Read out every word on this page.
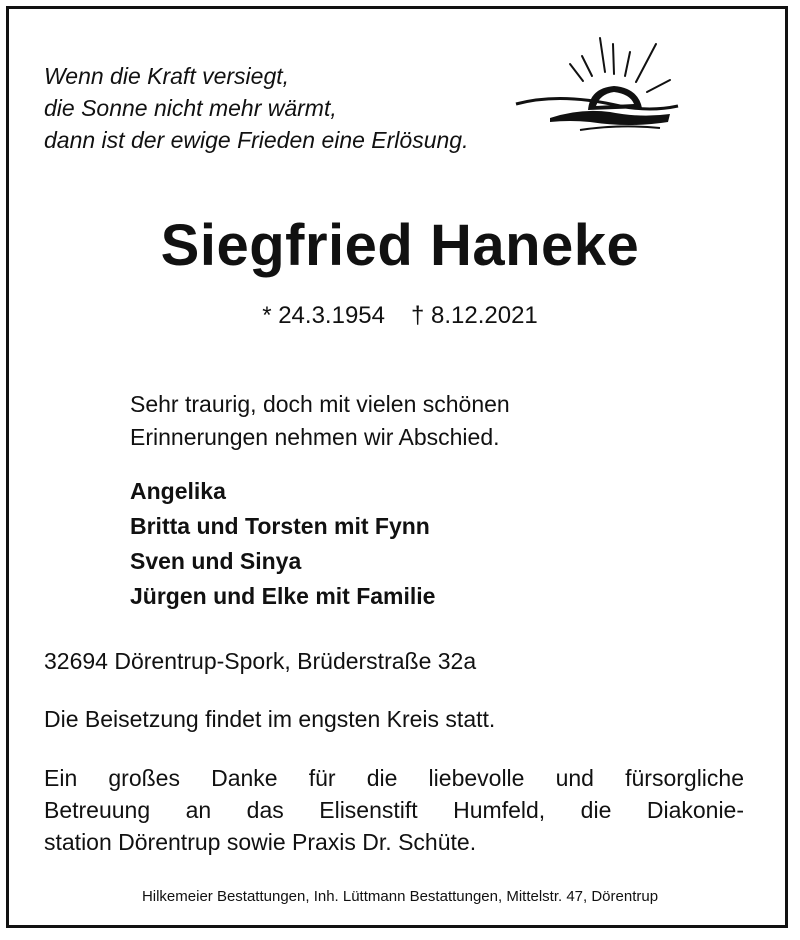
Wenn die Kraft versiegt,
die Sonne nicht mehr wärmt,
dann ist der ewige Frieden eine Erlösung.
Siegfried Haneke
* 24.3.1954 † 8.12.2021
Sehr traurig, doch mit vielen schönen
Erinnerungen nehmen wir Abschied.
Angelika
Britta und Torsten mit Fynn
Sven und Sinya
Jürgen und Elke mit Familie
32694 Dörentrup-Spork, Brüderstraße 32a
Die Beisetzung findet im engsten Kreis statt.
Ein großes Danke für die liebevolle und fürsorgliche
Betreuung an das Elisenstift Humfeld, die Diakonie-
station Dörentrup sowie Praxis Dr. Schüte.
Hilkemeier Bestattungen, Inh. Lüttmann Bestattungen, Mittelstr. 47, Dörentrup
